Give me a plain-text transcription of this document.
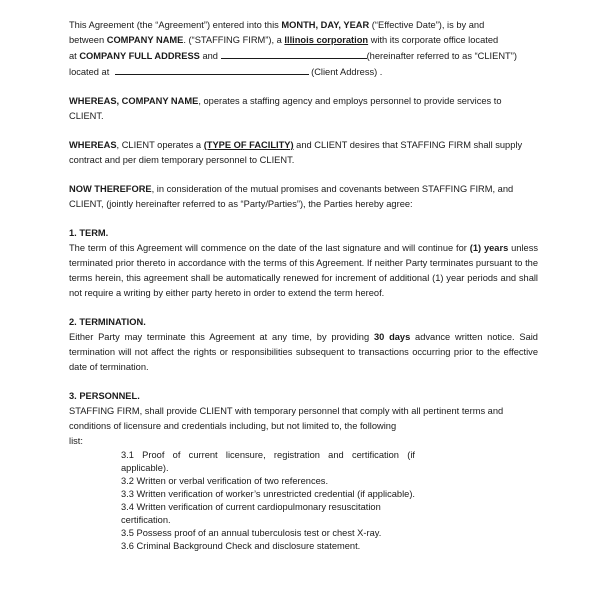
This Agreement (the “Agreement”) entered into this MONTH, DAY, YEAR (“Effective Date”), is by and

between COMPANY NAME. (“STAFFING FIRM”), a Illinois corporation with its corporate office located

at COMPANY FULL ADDRESS and	(hereinafter referred to as “CLIENT”)

located at	(Client Address) .

WHEREAS, COMPANY NAME, operates a staffing agency and employs personnel to provide services to CLIENT.

WHEREAS, CLIENT operates a (TYPE OF FACILITY) and CLIENT desires that STAFFING FIRM shall supply contract and per diem temporary personnel to CLIENT.

NOW THEREFORE, in consideration of the mutual promises and covenants between STAFFING FIRM, and CLIENT, (jointly hereinafter referred to as “Party/Parties”), the Parties hereby agree:

1. TERM.

The term of this Agreement will commence on the date of the last signature and will continue for (1) years unless terminated prior thereto in accordance with the terms of this Agreement. If neither Party terminates pursuant to the terms herein, this agreement shall be automatically renewed for increment of additional (1) year periods and shall not require a writing by either party hereto in order to extend the term hereof.

2. TERMINATION.

Either Party may terminate this Agreement at any time, by providing 30 days advance written notice. Said termination will not affect the rights or responsibilities subsequent to transactions occurring prior to the effective date of termination.

3. PERSONNEL.

STAFFING FIRM, shall provide CLIENT with temporary personnel that comply with all pertinent terms and conditions of licensure and credentials including, but not limited to, the following

list:

3.1 Proof of current licensure, registration and certification (if applicable).

3.2 Written or verbal verification of two references.

3.3 Written verification of worker’s unrestricted credential (if applicable).

3.4 Written verification of current cardiopulmonary resuscitation certification.

3.5 Possess proof of an annual tuberculosis test or chest X-ray.

3.6 Criminal Background Check and disclosure statement.
